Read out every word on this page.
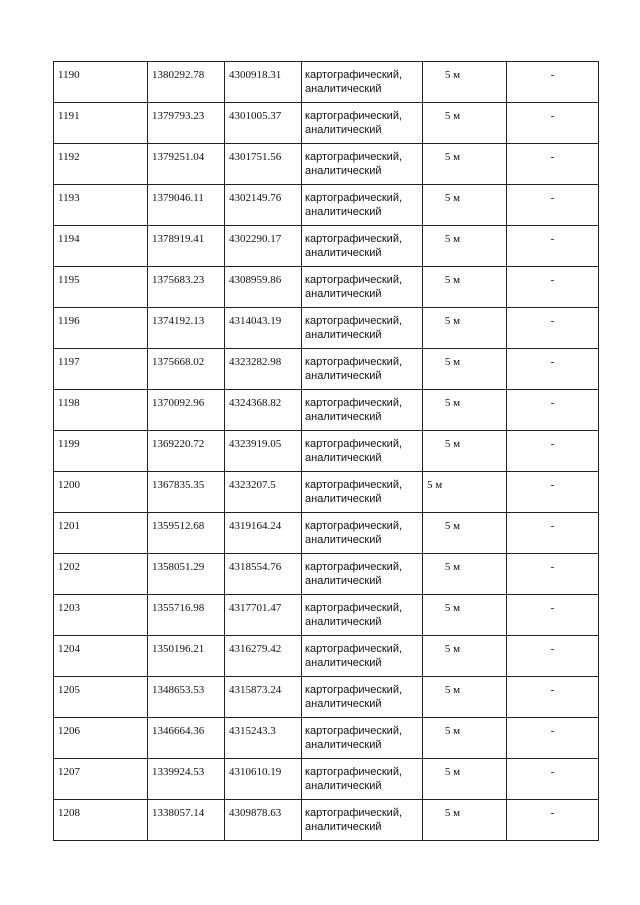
1190	1380292.78	4300918.31	картографический,
аналитический	5 м	-

1191	1379793.23	4301005.37	картографический,
аналитический	5 м	-

1192	1379251.04	4301751.56	картографический,
аналитический	5 м	-

1193	1379046.11	4302149.76	картографический,
аналитический	5 м	-

1194	1378919.41	4302290.17	картографический,
аналитический	5 м	-

1195	1375683.23	4308959.86	картографический,
аналитический	5 м	-

1196	1374192.13	4314043.19	картографический,
аналитический	5 м	-

1197	1375668.02	4323282.98	картографический,
аналитический	5 м	-

1198	1370092.96	4324368.82	картографический,
аналитический	5 м	-

1199	1369220.72	4323919.05	картографический,
аналитический	5 м	-

1200	1367835.35	4323207.5	картографический,
аналитический	5 м	-

1201	1359512.68	4319164.24	картографический,
аналитический	5 м	-

1202	1358051.29	4318554.76	картографический,
аналитический	5 м	-

1203	1355716.98	4317701.47	картографический,
аналитический	5 м	-

1204	1350196.21	4316279.42	картографический,
аналитический	5 м	-

1205	1348653.53	4315873.24	картографический,
аналитический	5 м	-

1206	1346664.36	4315243.3	картографический,
аналитический	5 м	-

1207	1339924.53	4310610.19	картографический,
аналитический	5 м	-

1208	1338057.14	4309878.63	картографический,
аналитический	5 м	-
